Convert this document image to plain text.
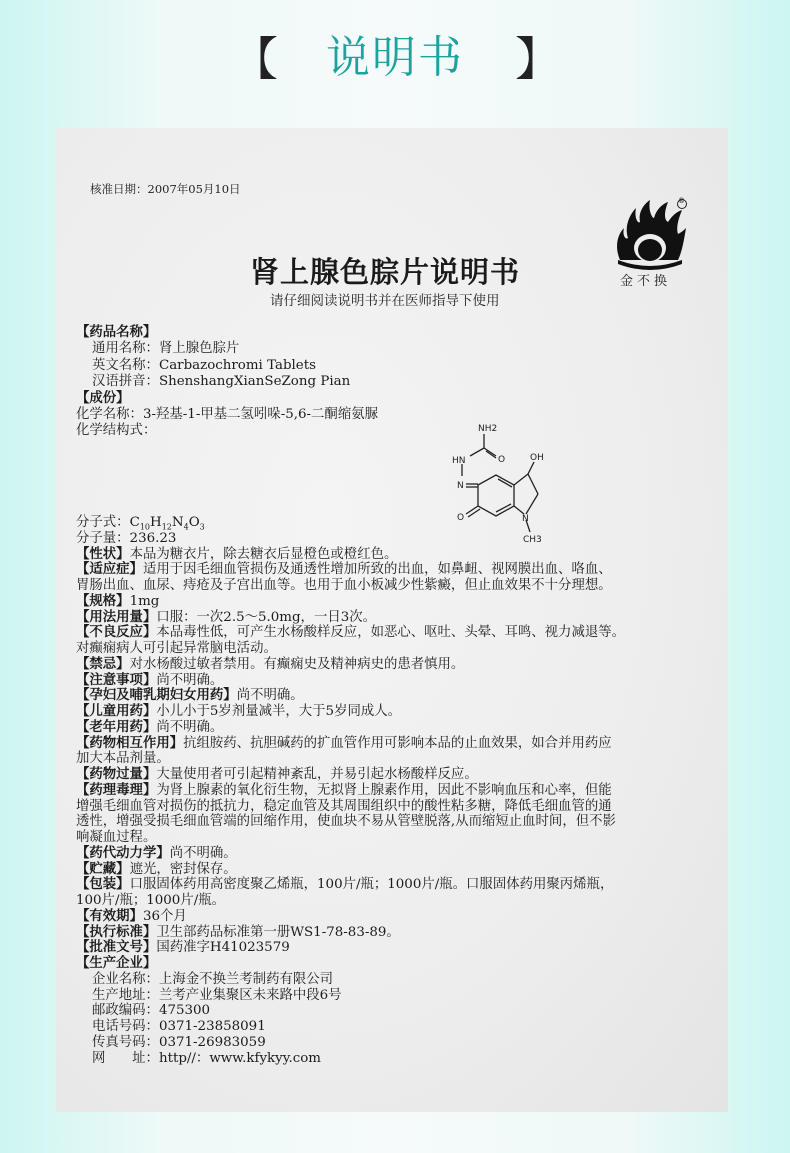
【	说明书	】
核准日期：2007年05月10日
®
金不换
肾上腺色腙片说明书
请仔细阅读说明书并在医师指导下使用
【药品名称】
通用名称：肾上腺色腙片
英文名称：Carbazochromi Tablets
汉语拼音：ShenshangXianSeZong Pian
【成份】
化学名称：3-羟基-1-甲基二氢吲哚-5,6-二酮缩氨脲
化学结构式：	NH2
O
HN
N
OH
O	N
CH3
分子式：$C_{10}H_{12}N_4O_3$
分子量：236.23
【性状】本品为糖衣片，除去糖衣后显橙色或橙红色。
【适应症】适用于因毛细血管损伤及通透性增加所致的出血，如鼻衄、视网膜出血、咯血、
胃肠出血、血尿、痔疮及子宫出血等。也用于血小板减少性紫癜，但止血效果不十分理想。
【规格】1mg
【用法用量】口服：一次2.5～5.0mg，一日3次。
【不良反应】本品毒性低，可产生水杨酸样反应，如恶心、呕吐、头晕、耳鸣、视力减退等。
对癫痫病人可引起异常脑电活动。
【禁忌】对水杨酸过敏者禁用。有癫痫史及精神病史的患者慎用。
【注意事项】尚不明确。
【孕妇及哺乳期妇女用药】尚不明确。
【儿童用药】小儿小于5岁剂量减半，大于5岁同成人。
【老年用药】尚不明确。
【药物相互作用】抗组胺药、抗胆碱药的扩血管作用可影响本品的止血效果，如合并用药应
加大本品剂量。
【药物过量】大量使用者可引起精神紊乱，并易引起水杨酸样反应。
【药理毒理】为肾上腺素的氧化衍生物，无拟肾上腺素作用，因此不影响血压和心率，但能
增强毛细血管对损伤的抵抗力，稳定血管及其周围组织中的酸性粘多糖，降低毛细血管的通
透性，增强受损毛细血管端的回缩作用，使血块不易从管壁脱落,从而缩短止血时间，但不影
响凝血过程。
【药代动力学】尚不明确。
【贮藏】遮光，密封保存。
【包装】口服固体药用高密度聚乙烯瓶，100片/瓶；1000片/瓶。口服固体药用聚丙烯瓶，
100片/瓶；1000片/瓶。
【有效期】36个月
【执行标准】卫生部药品标准第一册WS1-78-83-89。
【批准文号】国药准字H41023579
【生产企业】
企业名称：上海金不换兰考制药有限公司
生产地址：兰考产业集聚区未来路中段6号
邮政编码：475300
电话号码：0371-23858091
传真号码：0371-26983059
网　　址：http//：www.kfykyy.com
